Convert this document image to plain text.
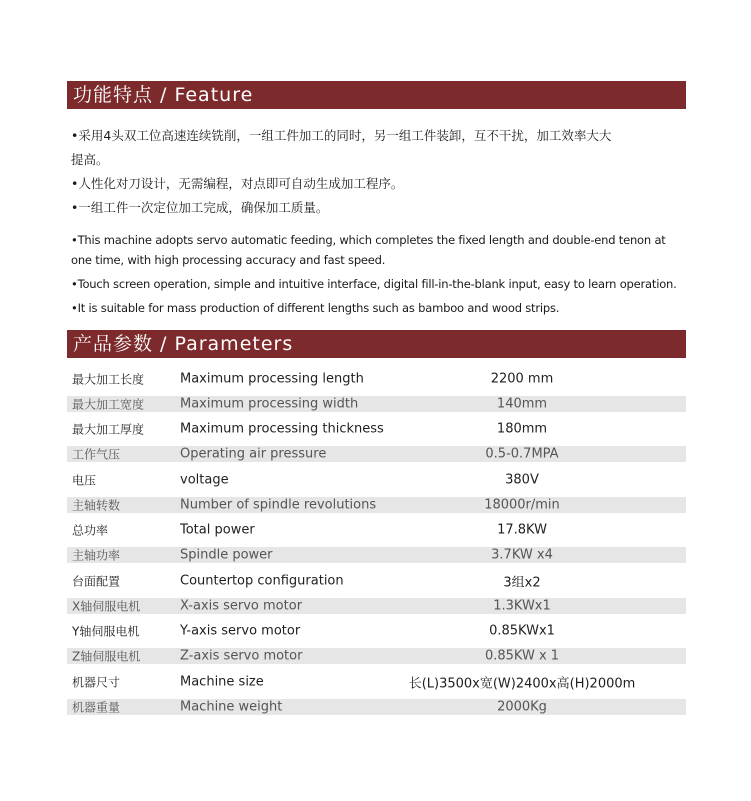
功能特点 / Feature

•采用4头双工位高速连续铣削，一组工件加工的同时，另一组工件装卸，互不干扰，加工效率大大

提高。

•人性化对刀设计，无需编程，对点即可自动生成加工程序。

•一组工件一次定位加工完成，确保加工质量。

•This machine adopts servo automatic feeding, which completes the fixed length and double-end tenon at one time, with high processing accuracy and fast speed.

•Touch screen operation, simple and intuitive interface, digital fill-in-the-blank input, easy to learn operation.

•It is suitable for mass production of different lengths such as bamboo and wood strips.

产品参数 / Parameters
最大加工长度	Maximum processing length	2200 mm
最大加工宽度	Maximum processing width	140mm
最大加工厚度	Maximum processing thickness	180mm
工作气压	Operating air pressure	0.5-0.7MPA
电压	voltage	380V
主轴转数	Number of spindle revolutions	18000r/min
总功率	Total power	17.8KW
主轴功率	Spindle power	3.7KW x4
台面配置	Countertop configuration	3组x2
X轴伺服电机	X-axis servo motor	1.3KWx1
Y轴伺服电机	Y-axis servo motor	0.85KWx1
Z轴伺服电机	Z-axis servo motor	0.85KW x 1
机器尺寸	Machine size	长(L)3500x宽(W)2400x高(H)2000m
机器重量	Machine weight	2000Kg
